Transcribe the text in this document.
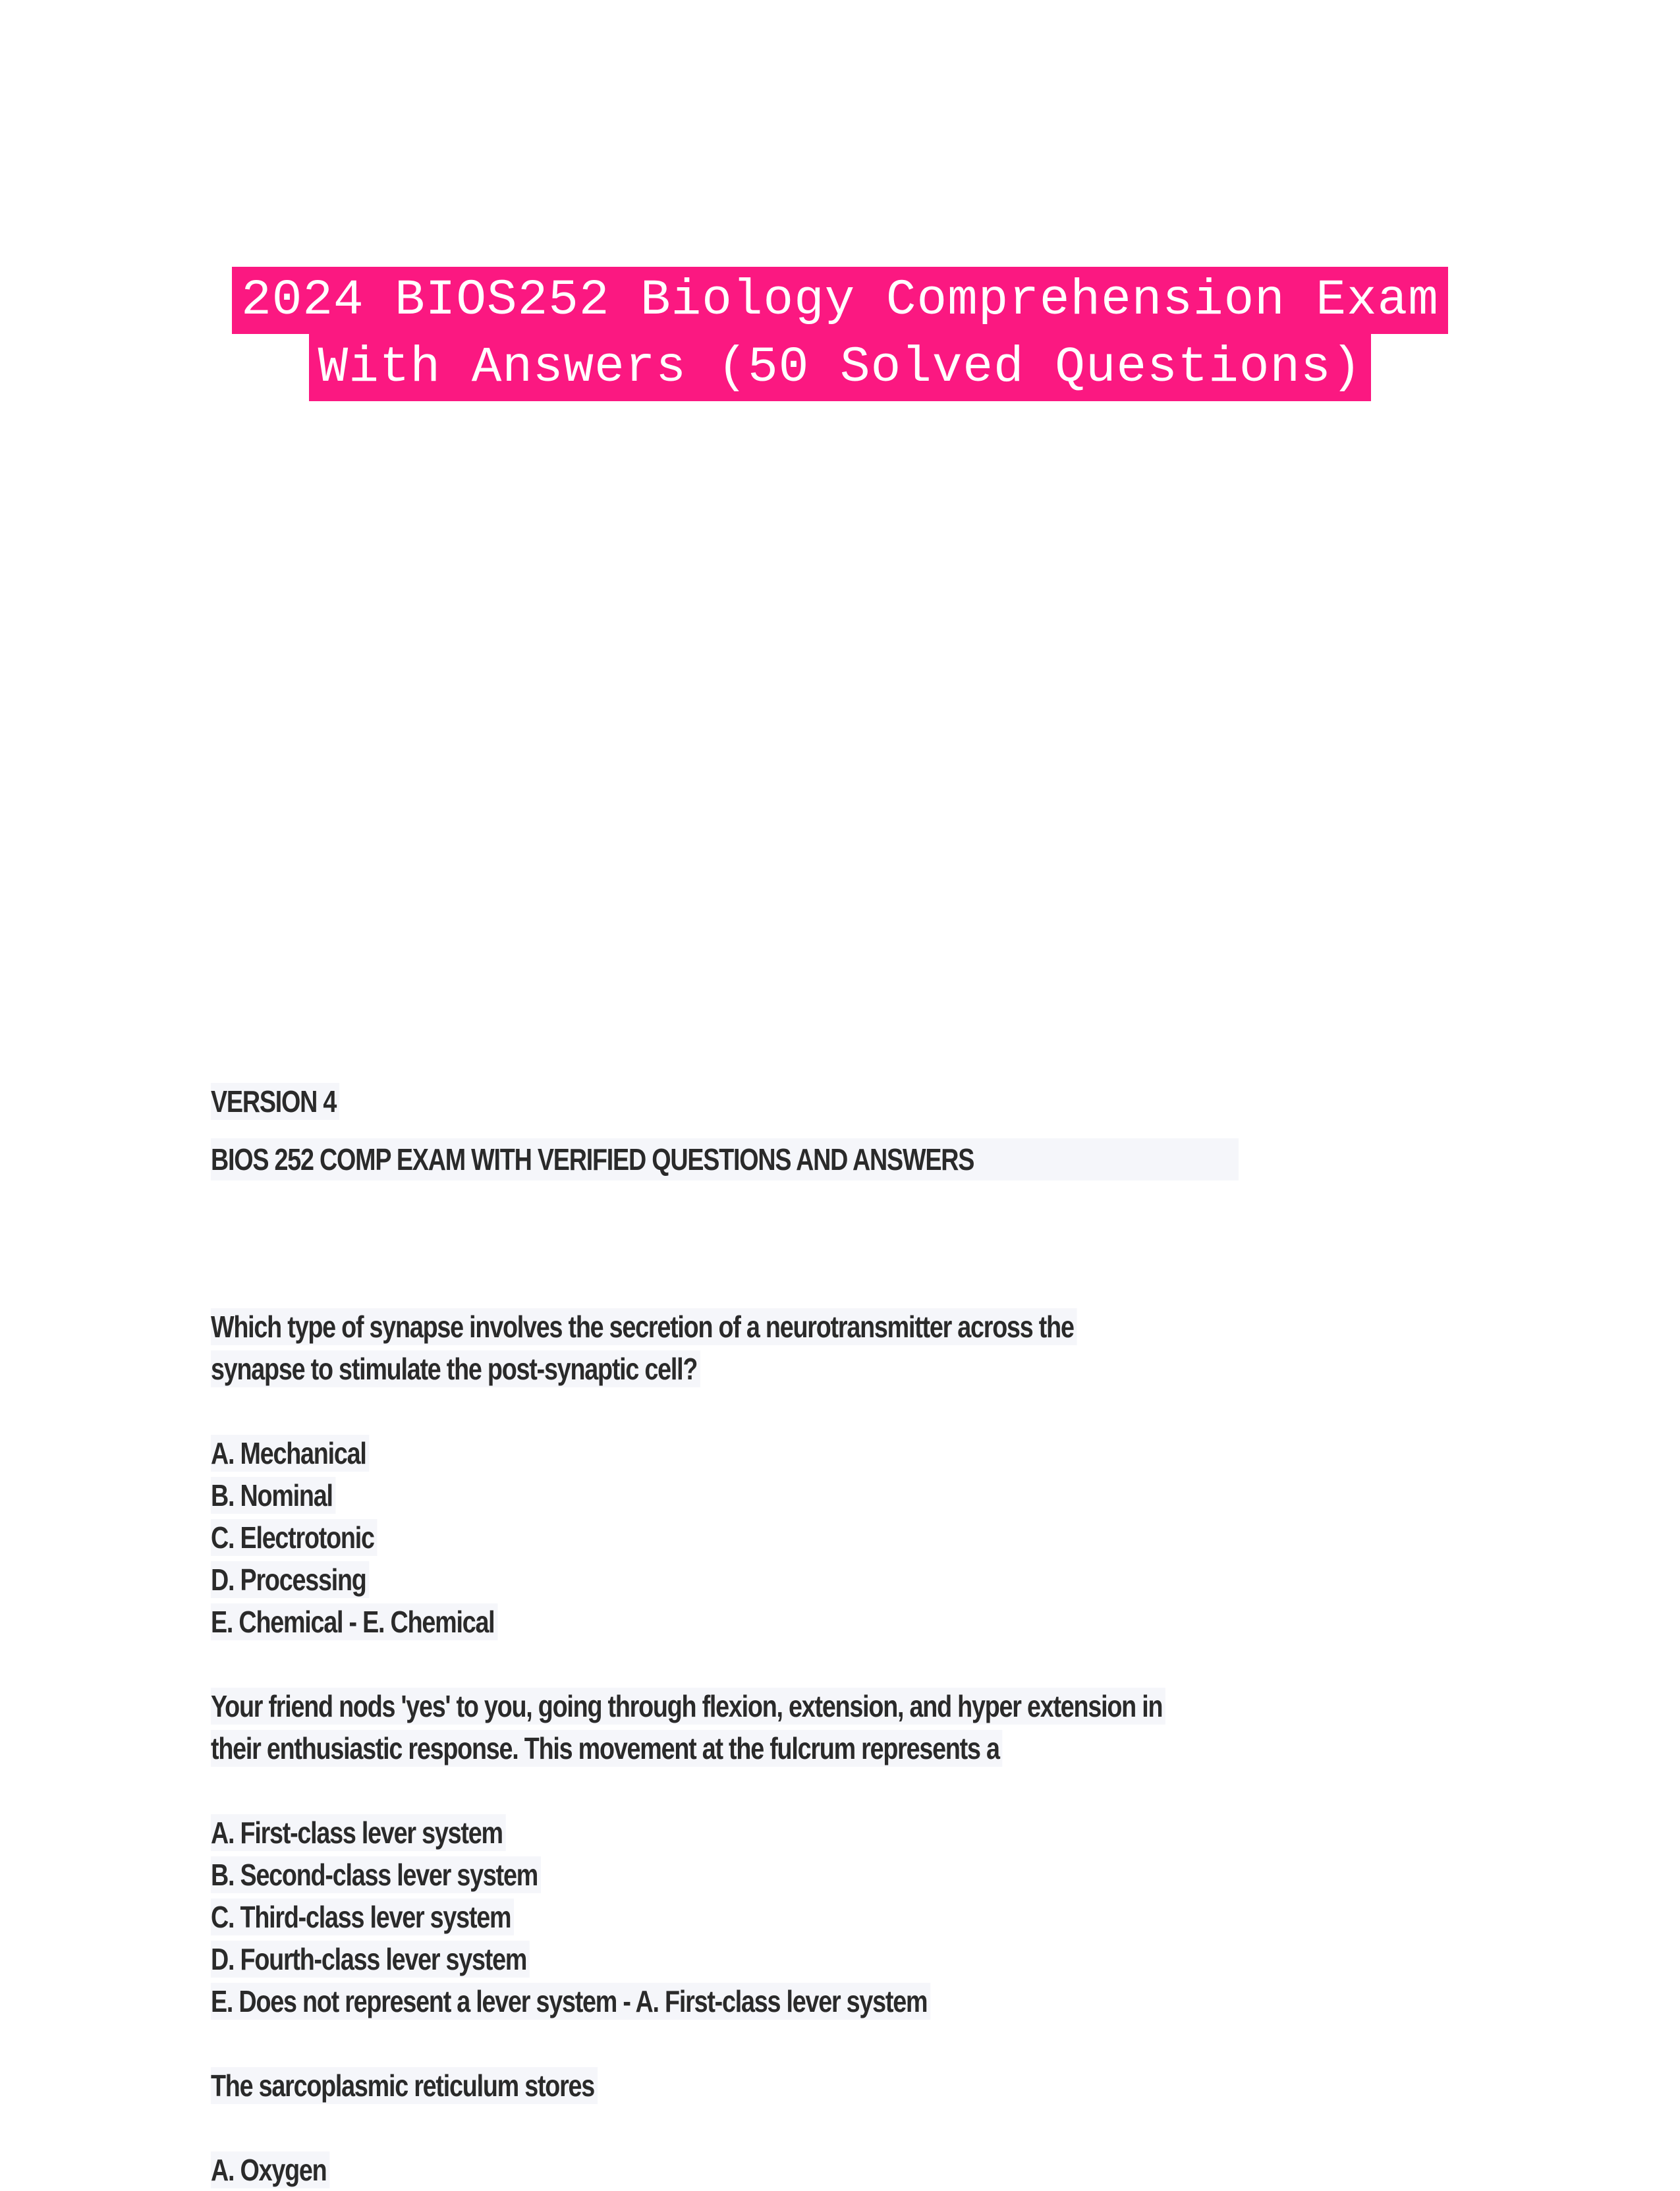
2024 BIOS252 Biology Comprehension Exam
With Answers (50 Solved Questions)
VERSION 4
BIOS 252 COMP EXAM WITH VERIFIED QUESTIONS AND ANSWERS
Which type of synapse involves the secretion of a neurotransmitter across the
synapse to stimulate the post-synaptic cell?
A. Mechanical
B. Nominal
C. Electrotonic
D. Processing
E. Chemical - E. Chemical
Your friend nods 'yes' to you, going through flexion, extension, and hyper extension in
their enthusiastic response. This movement at the fulcrum represents a
A. First-class lever system
B. Second-class lever system
C. Third-class lever system
D. Fourth-class lever system
E. Does not represent a lever system - A. First-class lever system
The sarcoplasmic reticulum stores
A. Oxygen
